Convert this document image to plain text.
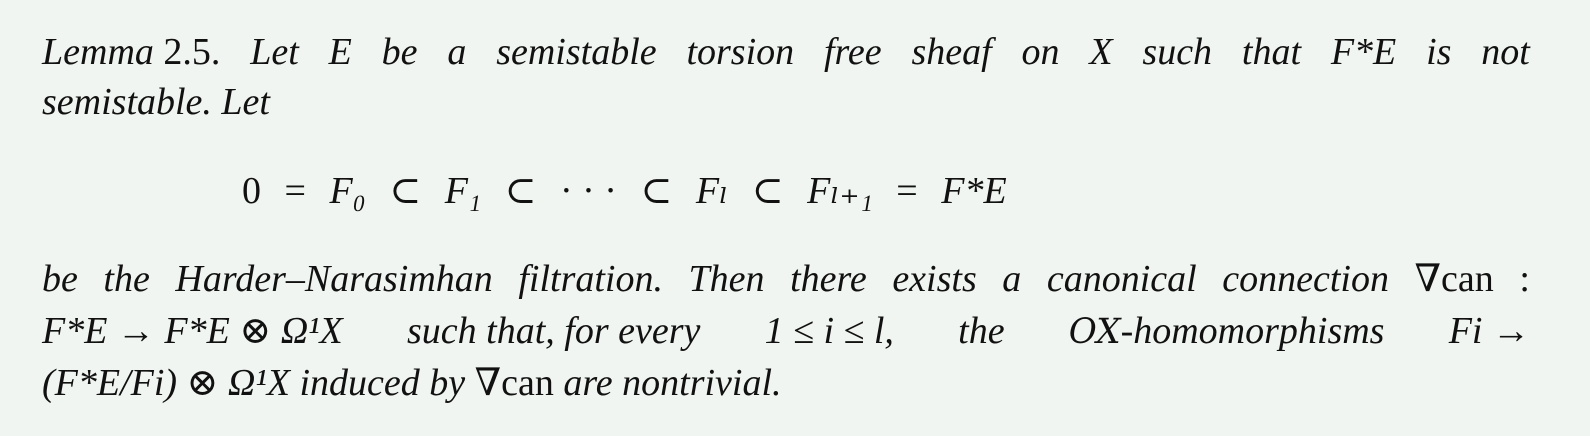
Lemma 2.5. Let E be a semistable torsion free sheaf on X such that F*E is not
semistable. Let
0 = F₀ ⊂ F₁ ⊂ · · · ⊂ Fₗ ⊂ Fₗ₊₁ = F*E
be the Harder–Narasimhan filtration. Then there exists a canonical connection ∇can :
F*E → F*E ⊗ Ω¹X such that, for every 1 ≤ i ≤ l, the OX-homomorphisms Fi →
(F*E/Fi) ⊗ Ω¹X induced by ∇can are nontrivial.
